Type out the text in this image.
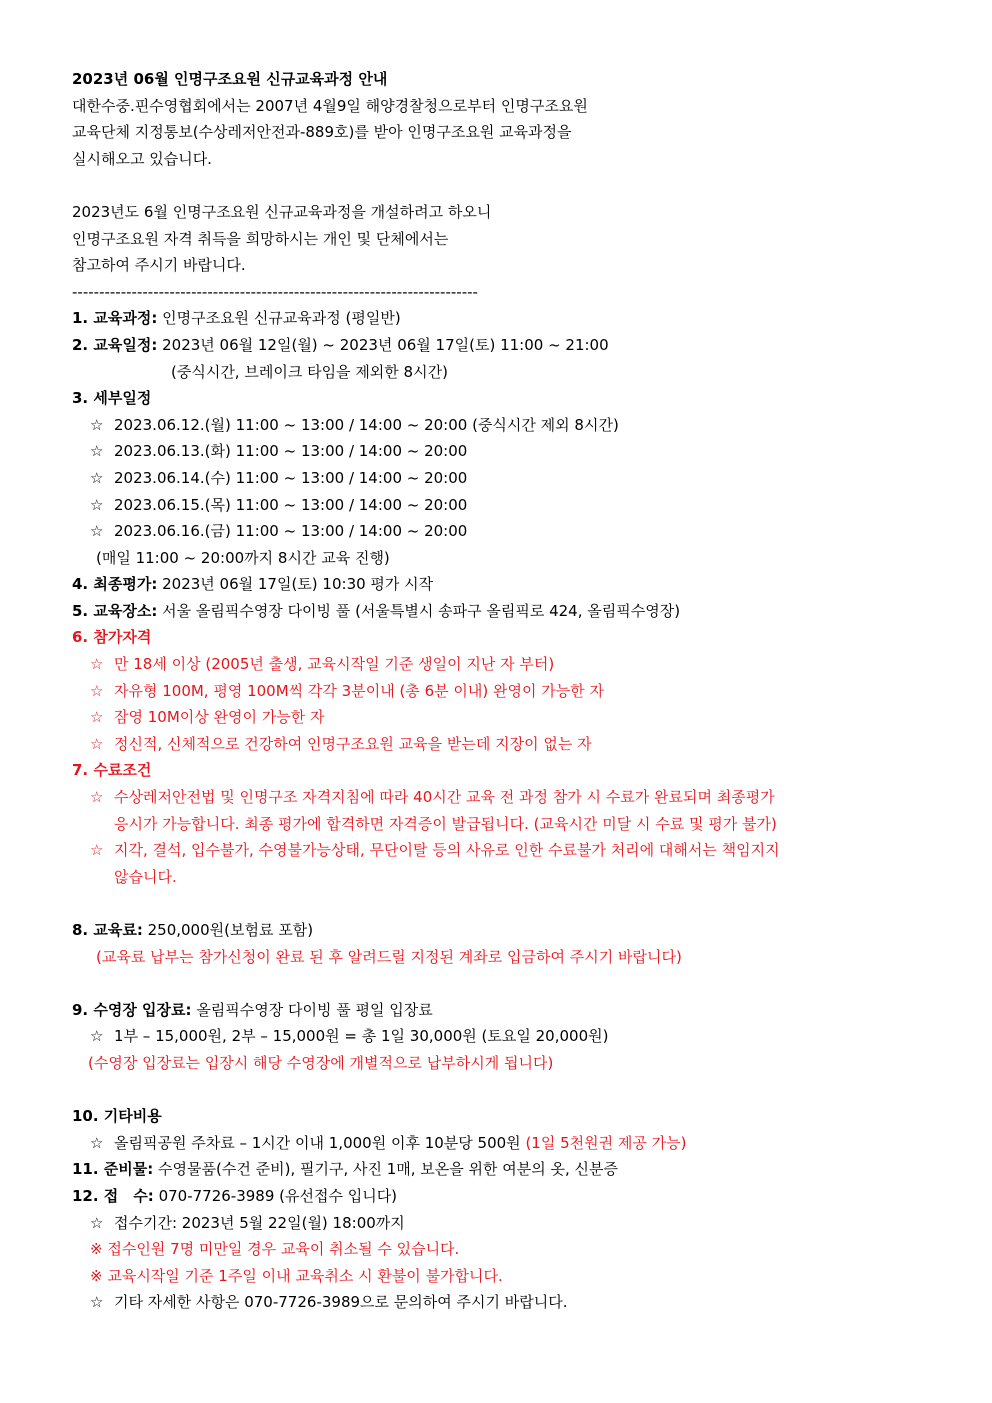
2023년 06월 인명구조요원 신규교육과정 안내
대한수중.핀수영협회에서는 2007년 4월9일 해양경찰청으로부터 인명구조요원
교육단체 지정통보(수상레저안전과-889호)를 받아 인명구조요원 교육과정을
실시해오고 있습니다.
2023년도 6월 인명구조요원 신규교육과정을 개설하려고 하오니
인명구조요원 자격 취득을 희망하시는 개인 및 단체에서는
참고하여 주시기 바랍니다.
---------------------------------------------------------------------------
1. 교육과정: 인명구조요원 신규교육과정 (평일반)
2. 교육일정: 2023년 06월 12일(월) ~ 2023년 06월 17일(토) 11:00 ~ 21:00
(중식시간, 브레이크 타임을 제외한 8시간)
3. 세부일정
☆ 2023.06.12.(월) 11:00 ~ 13:00 / 14:00 ~ 20:00 (중식시간 제외 8시간)
☆ 2023.06.13.(화) 11:00 ~ 13:00 / 14:00 ~ 20:00
☆ 2023.06.14.(수) 11:00 ~ 13:00 / 14:00 ~ 20:00
☆ 2023.06.15.(목) 11:00 ~ 13:00 / 14:00 ~ 20:00
☆ 2023.06.16.(금) 11:00 ~ 13:00 / 14:00 ~ 20:00
(매일 11:00 ~ 20:00까지 8시간 교육 진행)
4. 최종평가: 2023년 06월 17일(토) 10:30 평가 시작
5. 교육장소: 서울 올림픽수영장 다이빙 풀 (서울특별시 송파구 올림픽로 424, 올림픽수영장)
6. 참가자격
☆ 만 18세 이상 (2005년 출생, 교육시작일 기준 생일이 지난 자 부터)
☆ 자유형 100M, 평영 100M씩 각각 3분이내 (총 6분 이내) 완영이 가능한 자
☆ 잠영 10M이상 완영이 가능한 자
☆ 정신적, 신체적으로 건강하여 인명구조요원 교육을 받는데 지장이 없는 자
7. 수료조건
☆ 수상레저안전법 및 인명구조 자격지침에 따라 40시간 교육 전 과정 참가 시 수료가 완료되며 최종평가
응시가 가능합니다. 최종 평가에 합격하면 자격증이 발급됩니다. (교육시간 미달 시 수료 및 평가 불가)
☆ 지각, 결석, 입수불가, 수영불가능상태, 무단이탈 등의 사유로 인한 수료불가 처리에 대해서는 책임지지
않습니다.
8. 교육료: 250,000원(보험료 포함)
(교육료 납부는 참가신청이 완료 된 후 알려드릴 지정된 계좌로 입금하여 주시기 바랍니다)
9. 수영장 입장료: 올림픽수영장 다이빙 풀 평일 입장료
☆ 1부 – 15,000원, 2부 – 15,000원 = 총 1일 30,000원 (토요일 20,000원)
(수영장 입장료는 입장시 해당 수영장에 개별적으로 납부하시게 됩니다)
10. 기타비용
☆ 올림픽공원 주차료 – 1시간 이내 1,000원 이후 10분당 500원 (1일 5천원권 제공 가능)
11. 준비물: 수영물품(수건 준비), 필기구, 사진 1매, 보온을 위한 여분의 옷, 신분증
12. 접　수: 070-7726-3989 (유선접수 입니다)
☆ 접수기간: 2023년 5월 22일(월) 18:00까지
※ 접수인원 7명 미만일 경우 교육이 취소될 수 있습니다.
※ 교육시작일 기준 1주일 이내 교육취소 시 환불이 불가합니다.
☆ 기타 자세한 사항은 070-7726-3989으로 문의하여 주시기 바랍니다.
